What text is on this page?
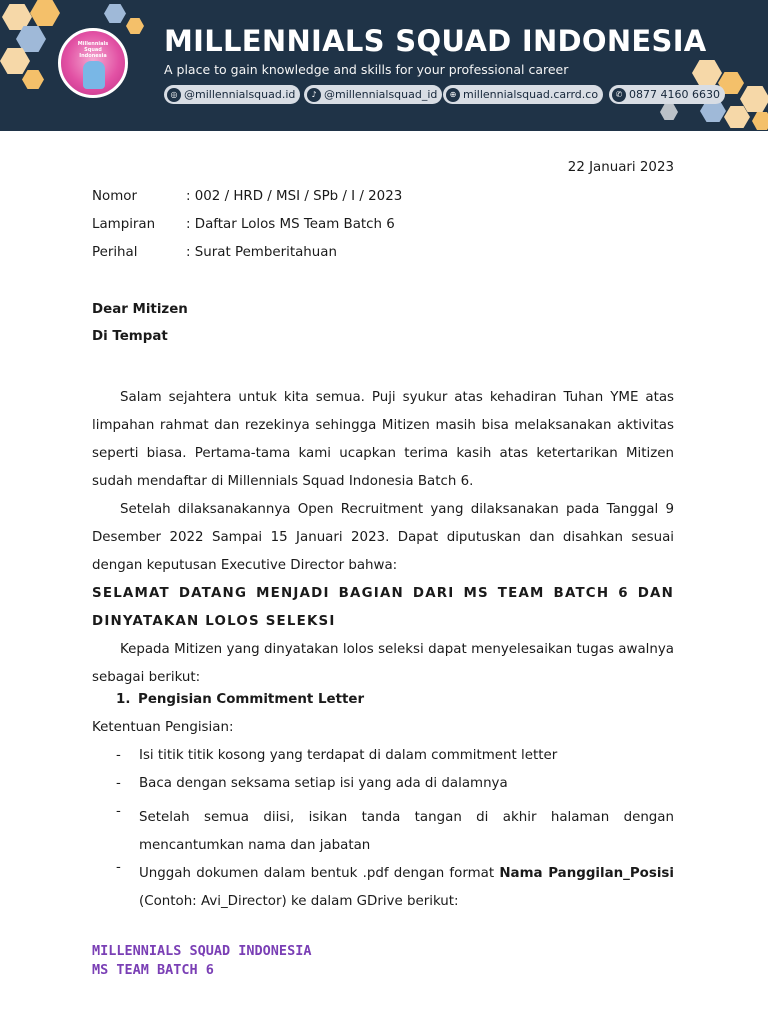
Millennials Squad Indonesia MILLENNIALS SQUAD INDONESIA
A place to gain knowledge and skills for your professional career
◎ @millennialsquad.id	♪ @millennialsquad_id	⊕ millennialsquad.carrd.co	✆ 0877 4160 6630
22 Januari 2023
Nomor	: 002 / HRD / MSI / SPb / I / 2023
Lampiran : Daftar Lolos MS Team Batch 6
Perihal	: Surat Pemberitahuan
Dear Mitizen
Di Tempat
Salam sejahtera untuk kita semua. Puji syukur atas kehadiran Tuhan YME atas limpahan rahmat dan rezekinya sehingga Mitizen masih bisa melaksanakan aktivitas seperti biasa. Pertama-tama kami ucapkan terima kasih atas ketertarikan Mitizen sudah mendaftar di Millennials Squad Indonesia Batch 6.
Setelah dilaksanakannya Open Recruitment yang dilaksanakan pada Tanggal 9 Desember 2022 Sampai 15 Januari 2023. Dapat diputuskan dan disahkan sesuai dengan keputusan Executive Director bahwa:
SELAMAT DATANG MENJADI BAGIAN DARI MS TEAM BATCH 6 DAN DINYATAKAN LOLOS SELEKSI
Kepada Mitizen yang dinyatakan lolos seleksi dapat menyelesaikan tugas awalnya sebagai berikut:
1. Pengisian Commitment Letter
Ketentuan Pengisian:
- Isi titik titik kosong yang terdapat di dalam commitment letter
- Baca dengan seksama setiap isi yang ada di dalamnya
- Setelah semua diisi, isikan tanda tangan di akhir halaman dengan mencantumkan nama dan jabatan
- Unggah dokumen dalam bentuk .pdf dengan format Nama Panggilan_Posisi (Contoh: Avi_Director) ke dalam GDrive berikut:
MILLENNIALS SQUAD INDONESIA
MS TEAM BATCH 6
